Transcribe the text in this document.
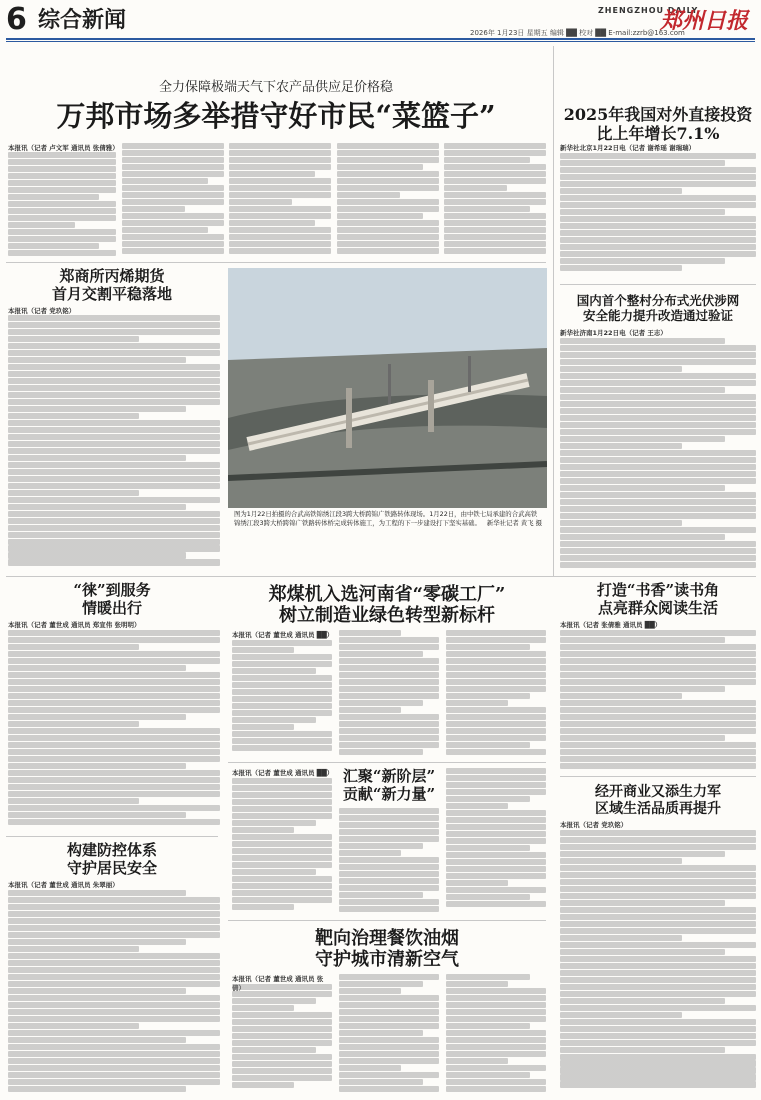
6 综合新闻	ZHENGZHOU DAILY
郑州日报
2026年 1月23日 星期五 编辑 ██ 校对 ██ E-mail:zzrb@163.com
全力保障极端天气下农产品供应足价格稳
万邦市场多举措守好市民“菜篮子”
本报讯（记者 卢文军 通讯员 张倩雅）
2025年我国对外直接投资
比上年增长7.1%
新华社北京1月22日电（记者 谢希瑶 谢瑞瑞）
国内首个整村分布式光伏涉网
安全能力提升改造通过验证
新华社济南1月22日电（记者 王志）
郑商所丙烯期货
首月交割平稳落地
本报讯（记者 党玖铭）
图为1月22日拍摄的合武高铁锦绣江段3跨大桥跨锦广铁路转体现场。1月22日，由中铁七局承建的合武高铁锦绣江段3跨大桥跨锦广铁路转体桥完成转体施工，为工程的下一步建设打下坚实基础。 新华社记者 黄飞 摄
“徕”到服务
情暖出行
本报讯（记者 董世成 通讯员 郑宣伟 张明明）
郑煤机入选河南省“零碳工厂”
树立制造业绿色转型新标杆
本报讯（记者 董世成 通讯员 ██）
打造“书香”读书角
点亮群众阅读生活
本报讯（记者 张倩雅 通讯员 ██）
构建防控体系
守护居民安全
本报讯（记者 董世成 通讯员 朱翠丽）
本报讯（记者 董世成 通讯员 ██） 汇聚“新阶层”
贡献“新力量”	经开商业又添生力军
区域生活品质再提升
本报讯（记者 党玖铭）
靶向治理餐饮油烟
守护城市清新空气
本报讯（记者 董世成 通讯员 张倩）
